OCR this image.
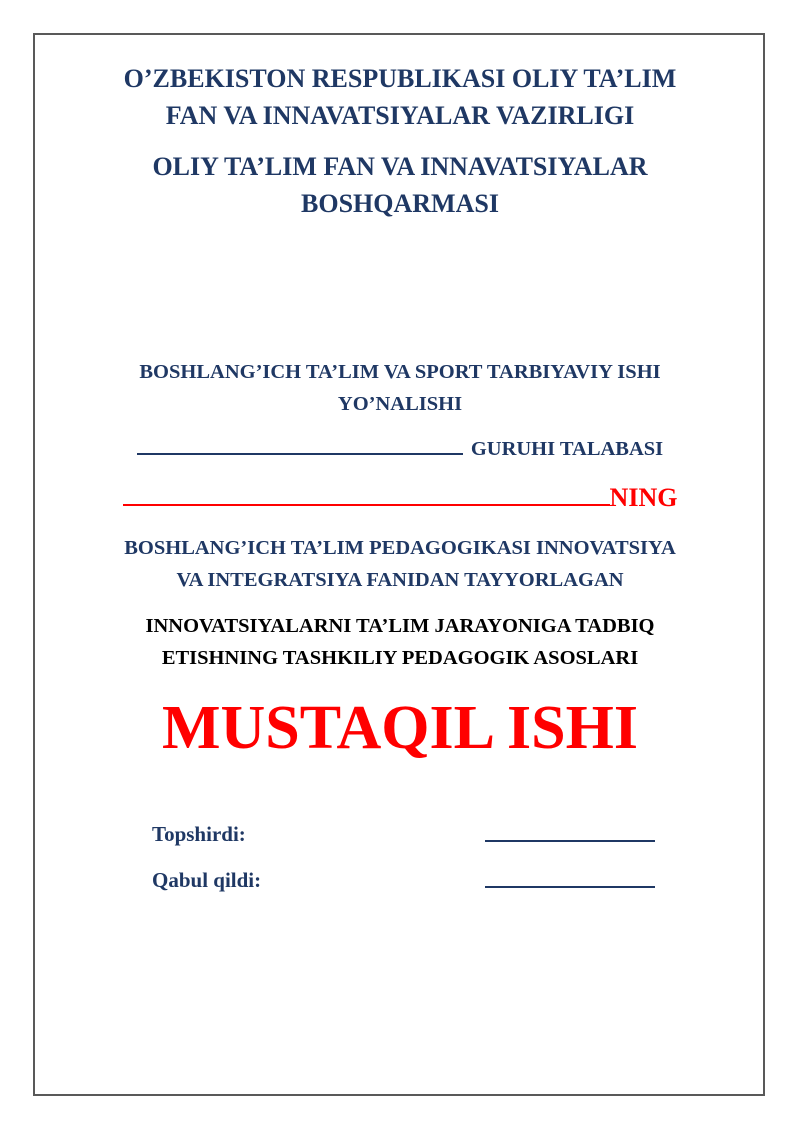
O’ZBEKISTON RESPUBLIKASI OLIY TA’LIM
FAN VA INNAVATSIYALAR VAZIRLIGI
OLIY TA’LIM FAN VA INNAVATSIYALAR
BOSHQARMASI
BOSHLANG’ICH TA’LIM VA SPORT TARBIYAVIY ISHI
YO’NALISHI
GURUHI TALABASI
NING
BOSHLANG’ICH TA’LIM PEDAGOGIKASI INNOVATSIYA
VA INTEGRATSIYA FANIDAN TAYYORLAGAN
INNOVATSIYALARNI TA’LIM JARAYONIGA TADBIQ
ETISHNING TASHKILIY PEDAGOGIK ASOSLARI
MUSTAQIL ISHI
Topshirdi:
Qabul qildi:
